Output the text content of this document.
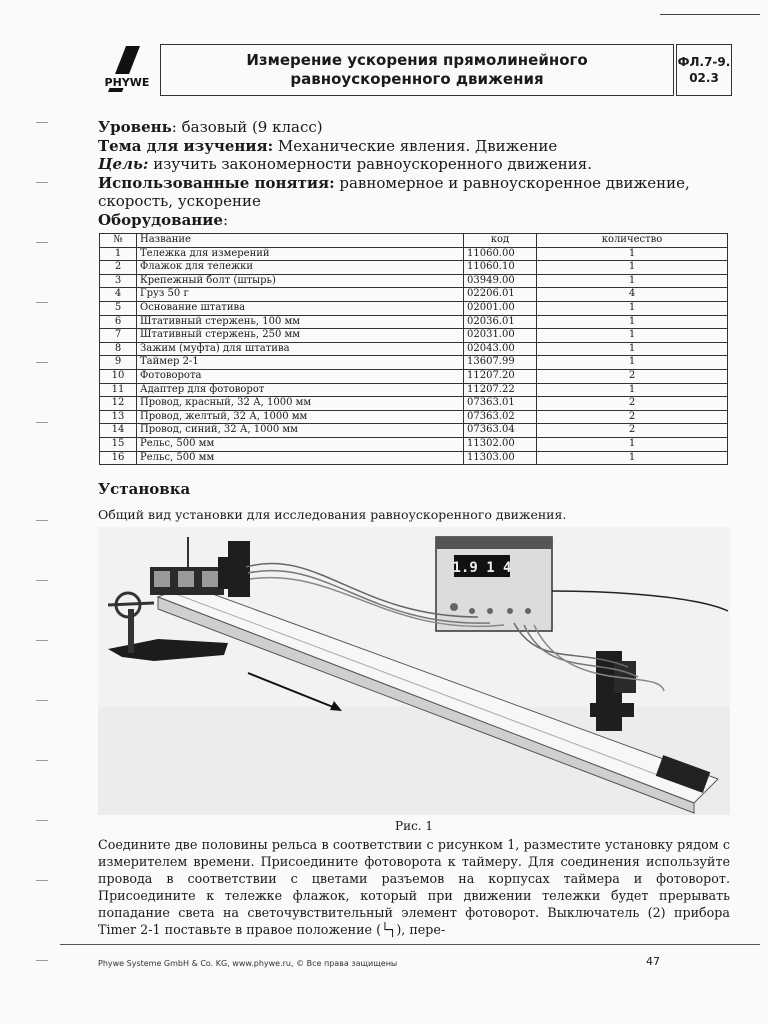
PHYWE
Измерение ускорения прямолинейного
равноускоренного движения
ФЛ.7-9.
02.3
Уровень: базовый (9 класс)
Тема для изучения: Механические явления. Движение
Цель: изучить закономерности равноускоренного движения.
Использованные понятия: равномерное и равноускоренное движение, скорость, ускорение
Оборудование:
№	Название	код	количество
1	Тележка для измерений	11060.00	1
2	Флажок для тележки	11060.10	1
3	Крепежный болт (штырь)	03949.00	1
4	Груз 50 г	02206.01	4
5	Основание штатива	02001.00	1
6	Штативный стержень, 100 мм	02036.01	1
7	Штативный стержень, 250 мм	02031.00	1
8	Зажим (муфта) для штатива	02043.00	1
9	Таймер 2-1	13607.99	1
10	Фотоворота	11207.20	2
11	Адаптер для фотоворот	11207.22	1
12	Провод, красный, 32 А, 1000 мм	07363.01	2
13	Провод, желтый, 32 А, 1000 мм	07363.02	2
14	Провод, синий, 32 А, 1000 мм	07363.04	2
15	Рельс, 500 мм	11302.00	1
16	Рельс, 500 мм	11303.00	1
Установка
Общий вид установки для исследования равноускоренного движения.
1.9 1 4
Рис. 1
Соедините две половины рельса в соответствии с рисунком 1, разместите установку рядом с измерителем времени. Присоедините фотоворота к таймеру. Для соединения используйте провода в соответствии с цветами разъемов на корпусах таймера и фотоворот. Присоедините к тележке флажок, который при движении тележки будет прерывать попадание света на светочувствительный элемент фотоворот. Выключатель (2) прибора Timer 2-1 поставьте в правое положение (└┐), пере-
Phywe Systeme GmbH & Co. KG, www.phywe.ru, © Все права защищены	47
